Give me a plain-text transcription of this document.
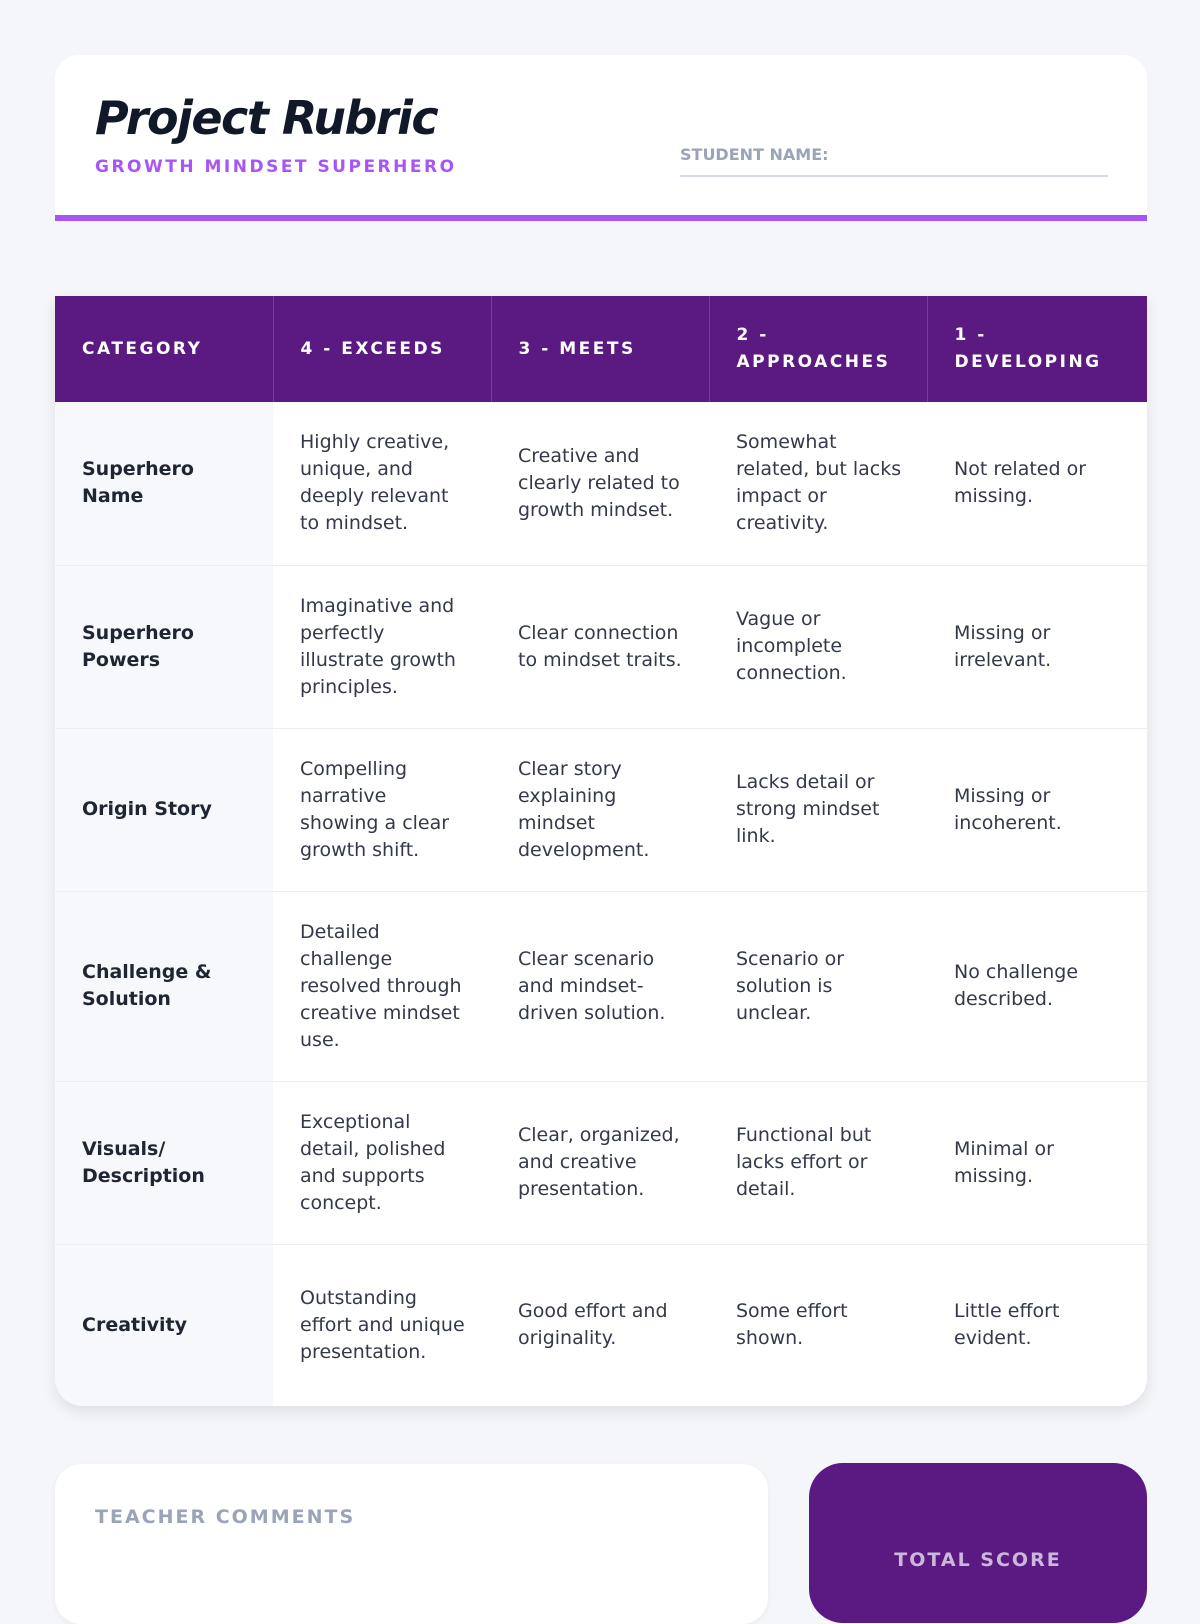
Project Rubric
GROWTH MINDSET SUPERHERO
STUDENT NAME:
CATEGORY	4 - EXCEEDS	3 - MEETS	2 - APPROACHES	1 - DEVELOPING
Superhero Name	Highly creative, unique, and deeply relevant to mindset.	Creative and clearly related to growth mindset.	Somewhat related, but lacks impact or creativity.	Not related or missing.
Superhero Powers	Imaginative and perfectly illustrate growth principles.	Clear connection to mindset traits.	Vague or incomplete connection.	Missing or irrelevant.
Origin Story	Compelling narrative showing a clear growth shift.	Clear story explaining mindset development.	Lacks detail or strong mindset link.	Missing or incoherent.
Challenge & Solution	Detailed challenge resolved through creative mindset use.	Clear scenario and mindset-driven solution.	Scenario or solution is unclear.	No challenge described.
Visuals/ Description	Exceptional detail, polished and supports concept.	Clear, organized, and creative presentation.	Functional but lacks effort or detail.	Minimal or missing.
Creativity	Outstanding effort and unique presentation.	Good effort and originality.	Some effort shown.	Little effort evident.
TEACHER COMMENTS
TOTAL SCORE
